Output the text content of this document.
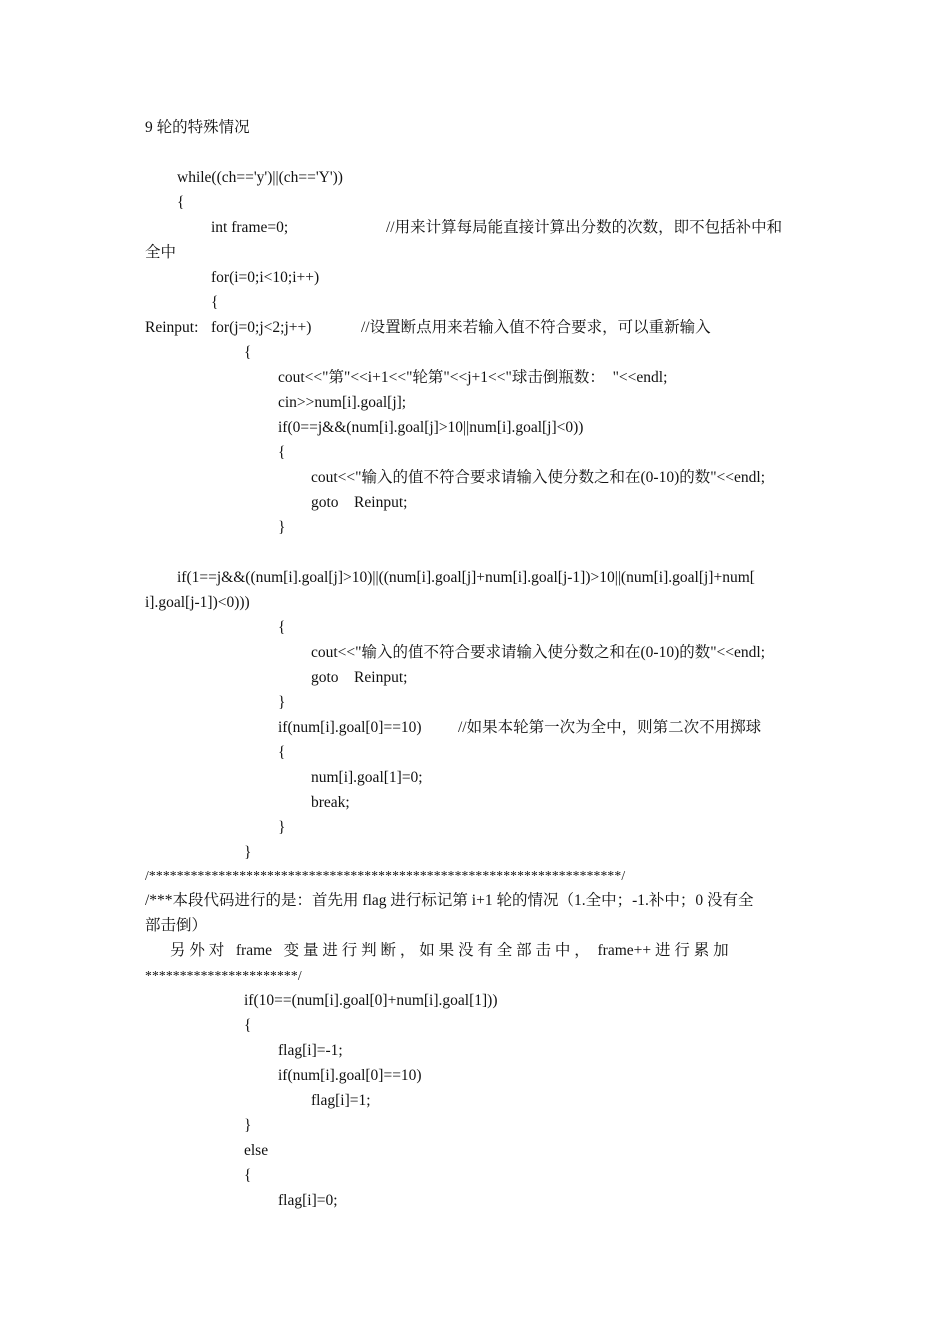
9 轮的特殊情况
while((ch=='y')||(ch=='Y'))
{
int frame=0;	//用来计算每局能直接计算出分数的次数，即不包括补中和
全中
for(i=0;i<10;i++)
{
Reinput: for(j=0;j<2;j++)	//设置断点用来若输入值不符合要求，可以重新输入
{
cout<<"第"<<i+1<<"轮第"<<j+1<<"球击倒瓶数：  "<<endl;
cin>>num[i].goal[j];
if(0==j&&(num[i].goal[j]>10||num[i].goal[j]<0))
{
cout<<"输入的值不符合要求请输入使分数之和在(0-10)的数"<<endl;
goto    Reinput;
}
if(1==j&&((num[i].goal[j]>10)||((num[i].goal[j]+num[i].goal[j-1])>10||(num[i].goal[j]+num[
i].goal[j-1])<0)))
{
cout<<"输入的值不符合要求请输入使分数之和在(0-10)的数"<<endl;
goto    Reinput;
}
if(num[i].goal[0]==10) //如果本轮第一次为全中，则第二次不用掷球
{
num[i].goal[1]=0;
break;
}
}
/********************************************************************/
/***本段代码进行的是：首先用 flag 进行标记第 i+1 轮的情况（1.全中；-1.补中；0 没有全
部击倒）
另 外 对   frame   变 量 进 行 判 断 ， 如 果 没 有 全 部 击 中 ，  frame++ 进 行 累 加
**********************/
if(10==(num[i].goal[0]+num[i].goal[1]))
{
flag[i]=-1;
if(num[i].goal[0]==10)
flag[i]=1;
}
else
{
flag[i]=0;
